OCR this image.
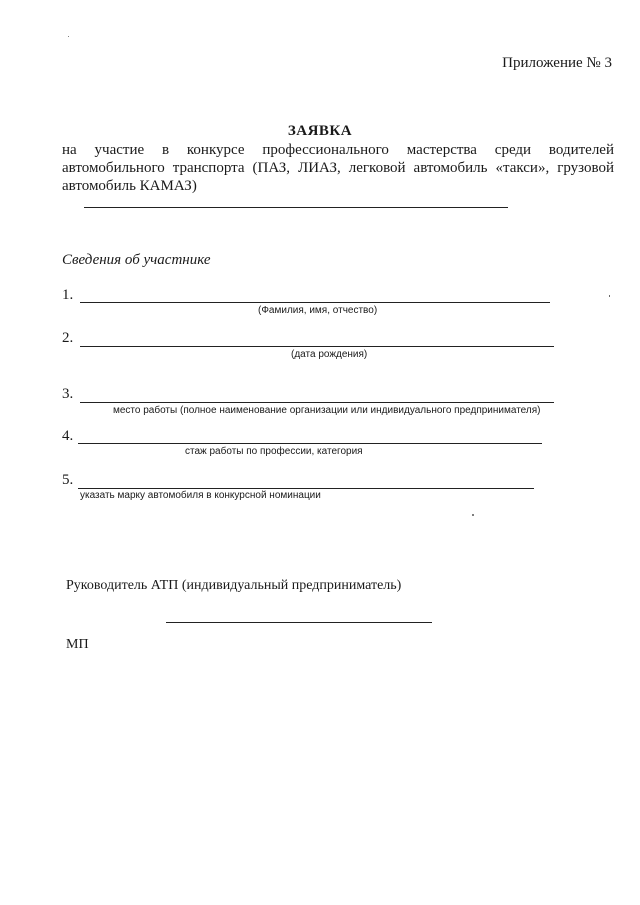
Приложение № 3
ЗАЯВКА
на участие в конкурсе профессионального мастерства среди водителей автомобильного транспорта (ПАЗ, ЛИАЗ, легковой автомобиль «такси», грузовой автомобиль КАМАЗ)
Сведения об участнике
1.
(Фамилия, имя, отчество)
2.
(дата рождения)
3.
место работы (полное наименование организации или индивидуального предпринимателя)
4.
стаж работы по профессии, категория
5.
указать марку автомобиля в конкурсной номинации
Руководитель АТП (индивидуальный предприниматель)
МП
